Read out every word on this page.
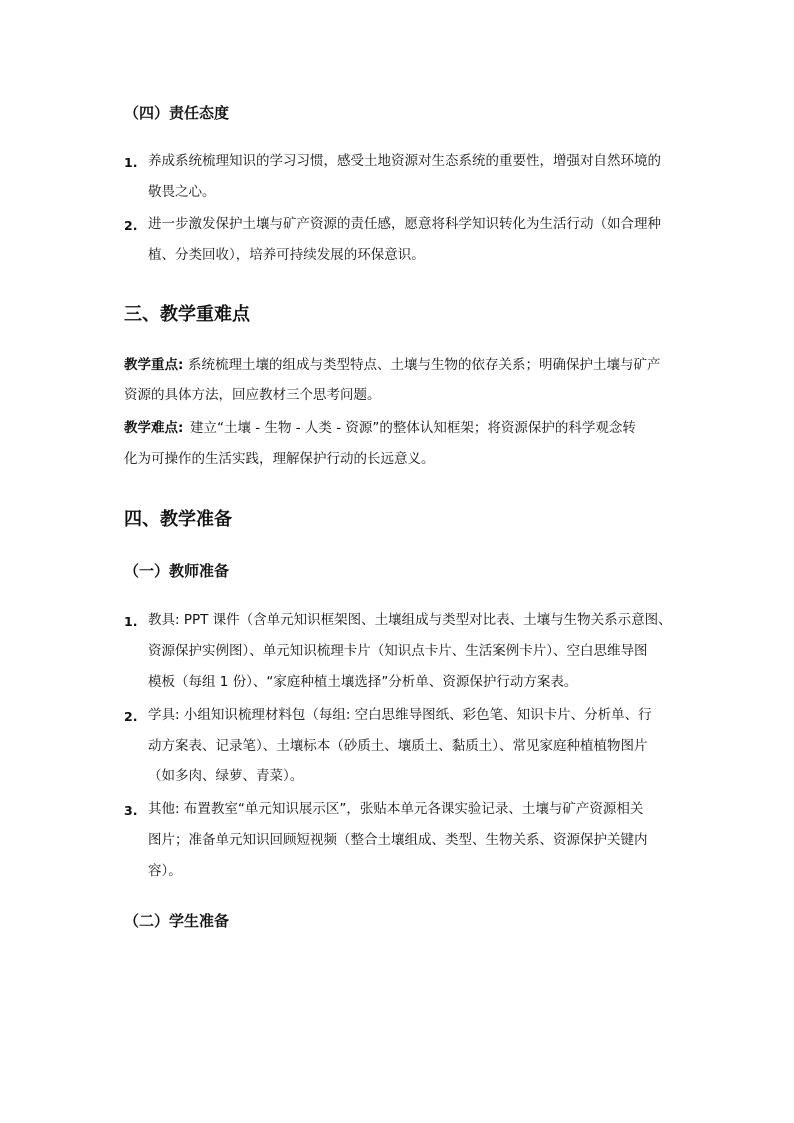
（四）责任态度
1. 养成系统梳理知识的学习习惯，感受土地资源对生态系统的重要性，增强对自然环境的
敬畏之心。
2. 进一步激发保护土壤与矿产资源的责任感，愿意将科学知识转化为生活行动（如合理种
植、分类回收），培养可持续发展的环保意识。
三、教学重难点
教学重点: 系统梳理土壤的组成与类型特点、土壤与生物的依存关系；明确保护土壤与矿产
资源的具体方法，回应教材三个思考问题。
教学难点: 建立“土壤 - 生物 - 人类 - 资源”的整体认知框架；将资源保护的科学观念转
化为可操作的生活实践，理解保护行动的长远意义。
四、教学准备
（一）教师准备
1. 教具: PPT 课件（含单元知识框架图、土壤组成与类型对比表、土壤与生物关系示意图、
资源保护实例图）、单元知识梳理卡片（知识点卡片、生活案例卡片）、空白思维导图
模板（每组 1 份）、“家庭种植土壤选择”分析单、资源保护行动方案表。
2. 学具: 小组知识梳理材料包（每组: 空白思维导图纸、彩色笔、知识卡片、分析单、行
动方案表、记录笔）、土壤标本（砂质土、壤质土、黏质土）、常见家庭种植植物图片
（如多肉、绿萝、青菜）。
3. 其他: 布置教室“单元知识展示区”，张贴本单元各课实验记录、土壤与矿产资源相关
图片；准备单元知识回顾短视频（整合土壤组成、类型、生物关系、资源保护关键内
容）。
（二）学生准备
